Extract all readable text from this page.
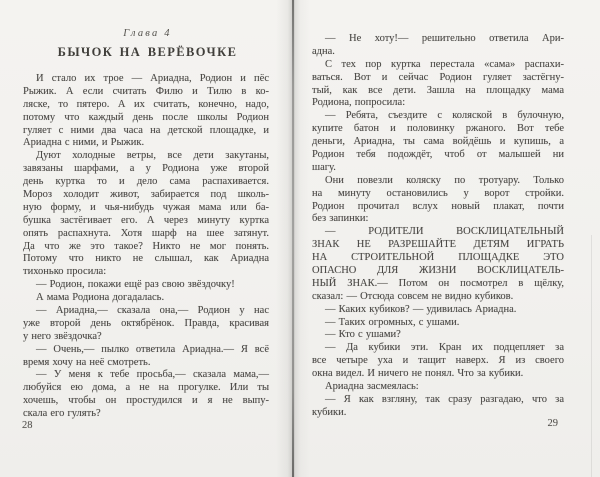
Глава 4
БЫЧОК НА ВЕРЁВОЧКЕ
И стало их трое — Ариадна, Родион и пёс
Рыжик. А если считать Филю и Тилю в ко-
ляске, то пятеро. А их считать, конечно, надо,
потому что каждый день после школы Родион
гуляет с ними два часа на детской площадке, и
Ариадна с ними, и Рыжик.
Дуют холодные ветры, все дети закутаны,
завязаны шарфами, а у Родиона уже второй
день куртка то и дело сама распахивается.
Мороз холодит живот, забирается под школь-
ную форму, и чья-нибудь чужая мама или ба-
бушка застёгивает его. А через минуту куртка
опять распахнута. Хотя шарф на шее затянут.
Да что же это такое? Никто не мог понять.
Потому что никто не слышал, как Ариадна
тихонько просила:
— Родион, покажи ещё раз свою звёздочку!
А мама Родиона догадалась.
— Ариадна,— сказала она,— Родион у нас
уже второй день октябрёнок. Правда, красивая
у него звёздочка?
— Очень,— пылко ответила Ариадна.— Я всё
время хочу на неё смотреть.
— У меня к тебе просьба,— сказала мама,—
любуйся ею дома, а не на прогулке. Или ты
хочешь, чтобы он простудился и я не выпу-
скала его гулять?
28
— Не хоту!— решительно ответила Ари-
адна.
С тех пор куртка перестала «сама» распахи-
ваться. Вот и сейчас Родион гуляет застёгну-
тый, как все дети. Зашла на площадку мама
Родиона, попросила:
— Ребята, съездите с коляской в булочную,
купите батон и половинку ржаного. Вот тебе
деньги, Ариадна, ты сама войдёшь и купишь, а
Родион тебя подождёт, чтоб от малышей ни
шагу.
Они повезли коляску по тротуару. Только
на минуту остановились у ворот стройки.
Родион прочитал вслух новый плакат, почти
без запинки:
— РОДИТЕЛИ ВОСКЛИЦАТЕЛЬНЫЙ
ЗНАК НЕ РАЗРЕШАЙТЕ ДЕТЯМ ИГРАТЬ
НА СТРОИТЕЛЬНОЙ ПЛОЩАДКЕ ЭТО
ОПАСНО ДЛЯ ЖИЗНИ ВОСКЛИЦАТЕЛЬ-
НЫЙ ЗНАК.— Потом он посмотрел в щёлку,
сказал: — Отсюда совсем не видно кубиков.
— Каких кубиков? — удивилась Ариадна.
— Таких огромных, с ушами.
— Кто с ушами?
— Да кубики эти. Кран их подцепляет за
все четыре уха и тащит наверх. Я из своего
окна видел. И ничего не понял. Что за кубики.
Ариадна засмеялась:
— Я как взгляну, так сразу разгадаю, что за
кубики.
29
